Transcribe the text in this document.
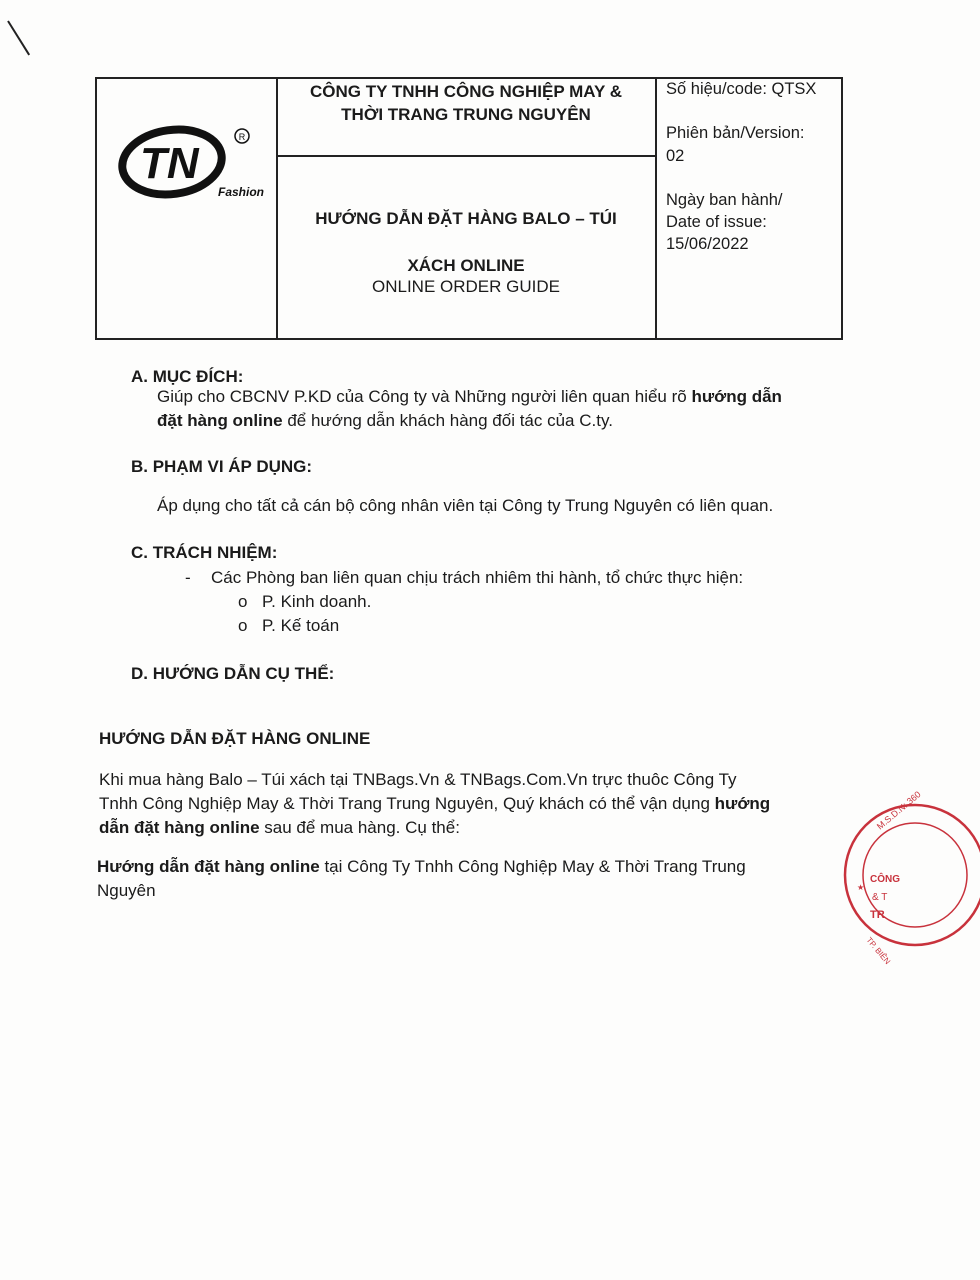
TN
R
Fashion
CÔNG TY TNHH CÔNG NGHIỆP MAY &
THỜI TRANG TRUNG NGUYÊN
HƯỚNG DẪN ĐẶT HÀNG BALO – TÚI
XÁCH ONLINE
ONLINE ORDER GUIDE
Số hiệu/code: QTSX
Phiên bản/Version:
02
Ngày ban hành/
Date of issue:
15/06/2022
A. MỤC ĐÍCH:
Giúp cho CBCNV P.KD của Công ty và Những người liên quan hiểu rõ hướng dẫn
đặt hàng online để hướng dẫn khách hàng đối tác của C.ty.
B. PHẠM VI ÁP DỤNG:
Áp dụng cho tất cả cán bộ công nhân viên tại Công ty Trung Nguyên có liên quan.
C. TRÁCH NHIỆM:
- Các Phòng ban liên quan chịu trách nhiêm thi hành, tổ chức thực hiện:
o P. Kinh doanh.
o P. Kế toán
D. HƯỚNG DẪN CỤ THỂ:
HƯỚNG DẪN ĐẶT HÀNG ONLINE
Khi mua hàng Balo – Túi xách tại TNBags.Vn & TNBags.Com.Vn trực thuôc Công Ty
Tnhh Công Nghiệp May & Thời Trang Trung Nguyên, Quý khách có thể vận dụng hướng
dẫn đặt hàng online sau để mua hàng. Cụ thể:
Hướng dẫn đặt hàng online tại Công Ty Tnhh Công Nghiệp May & Thời Trang Trung
Nguyên
M.S.D.N: 360
CÔNG
& T
TR
TP. BIÊN
★
